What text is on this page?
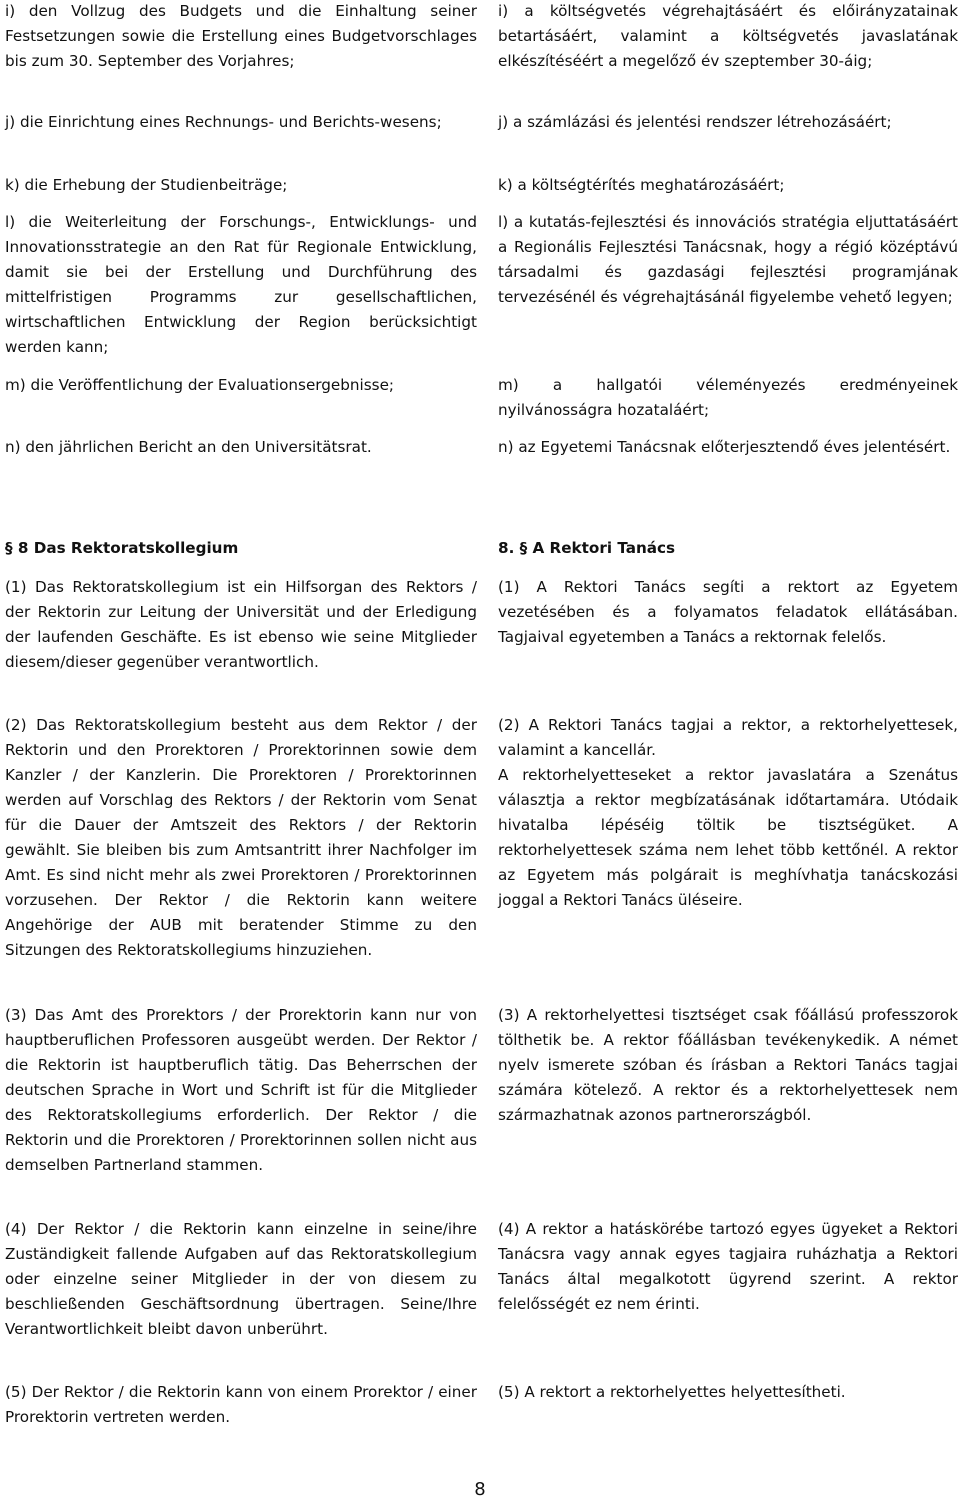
i) den Vollzug des Budgets und die Einhaltung seiner Festsetzungen sowie die Erstellung eines Budgetvorschlages bis zum 30. September des Vorjahres;

j) die Einrichtung eines Rechnungs- und Berichts-wesens;

k) die Erhebung der Studienbeiträge;

l) die Weiterleitung der Forschungs-, Entwicklungs- und Innovationsstrategie an den Rat für Regionale Entwicklung, damit sie bei der Erstellung und Durchführung des mittelfristigen Programms zur gesellschaftlichen, wirtschaftlichen Entwicklung der Region berücksichtigt werden kann;

m) die Veröffentlichung der Evaluationsergebnisse;

n) den jährlichen Bericht an den Universitätsrat.

i) a költségvetés végrehajtásáért és előirányzatainak betartásáért, valamint a költségvetés javaslatának elkészítéséért a megelőző év szeptember 30-áig;

j) a számlázási és jelentési rendszer létrehozásáért;

k) a költségtérítés meghatározásáért;

l) a kutatás-fejlesztési és innovációs stratégia eljuttatásáért a Regionális Fejlesztési Tanácsnak, hogy a régió középtávú társadalmi és gazdasági fejlesztési programjának tervezésénél és végrehajtásánál figyelembe vehető legyen;

m) a hallgatói véleményezés eredményeinek nyilvánosságra hozataláért;

n) az Egyetemi Tanácsnak előterjesztendő éves jelentésért.

§ 8 Das Rektoratskollegium	8. § A Rektori Tanács

(1) Das Rektoratskollegium ist ein Hilfsorgan des Rektors / der Rektorin zur Leitung der Universität und der Erledigung der laufenden Geschäfte. Es ist ebenso wie seine Mitglieder diesem/dieser gegenüber verantwortlich.

(2) Das Rektoratskollegium besteht aus dem Rektor / der Rektorin und den Prorektoren / Prorektorinnen sowie dem Kanzler / der Kanzlerin. Die Prorektoren / Prorektorinnen werden auf Vorschlag des Rektors / der Rektorin vom Senat für die Dauer der Amtszeit des Rektors / der Rektorin gewählt. Sie bleiben bis zum Amtsantritt ihrer Nachfolger im Amt. Es sind nicht mehr als zwei Prorektoren / Prorektorinnen vorzusehen. Der Rektor / die Rektorin kann weitere Angehörige der AUB mit beratender Stimme zu den Sitzungen des Rektoratskollegiums hinzuziehen.

(3) Das Amt des Prorektors / der Prorektorin kann nur von hauptberuflichen Professoren ausgeübt werden. Der Rektor / die Rektorin ist hauptberuflich tätig. Das Beherrschen der deutschen Sprache in Wort und Schrift ist für die Mitglieder des Rektoratskollegiums erforderlich. Der Rektor / die Rektorin und die Prorektoren / Prorektorinnen sollen nicht aus demselben Partnerland stammen.

(4) Der Rektor / die Rektorin kann einzelne in seine/ihre Zuständigkeit fallende Aufgaben auf das Rektoratskollegium oder einzelne seiner Mitglieder in der von diesem zu beschließenden Geschäftsordnung übertragen. Seine/Ihre Verantwortlichkeit bleibt davon unberührt.

(5) Der Rektor / die Rektorin kann von einem Prorektor / einer Prorektorin vertreten werden.

(1) A Rektori Tanács segíti a rektort az Egyetem vezetésében és a folyamatos feladatok ellátásában. Tagjaival egyetemben a Tanács a rektornak felelős.

(2) A Rektori Tanács tagjai a rektor, a rektorhelyettesek, valamint a kancellár.
A rektorhelyetteseket a rektor javaslatára a Szenátus választja a rektor megbízatásának időtartamára. Utódaik hivatalba lépéséig töltik be tisztségüket. A rektorhelyettesek száma nem lehet több kettőnél. A rektor az Egyetem más polgárait is meghívhatja tanácskozási joggal a Rektori Tanács üléseire.

(3) A rektorhelyettesi tisztséget csak főállású professzorok tölthetik be. A rektor főállásban tevékenykedik. A német nyelv ismerete szóban és írásban a Rektori Tanács tagjai számára kötelező. A rektor és a rektorhelyettesek nem származhatnak azonos partnerországból.

(4) A rektor a hatáskörébe tartozó egyes ügyeket a Rektori Tanácsra vagy annak egyes tagjaira ruházhatja a Rektori Tanács által megalkotott ügyrend szerint. A rektor felelősségét ez nem érinti.

(5) A rektort a rektorhelyettes helyettesítheti.

8
